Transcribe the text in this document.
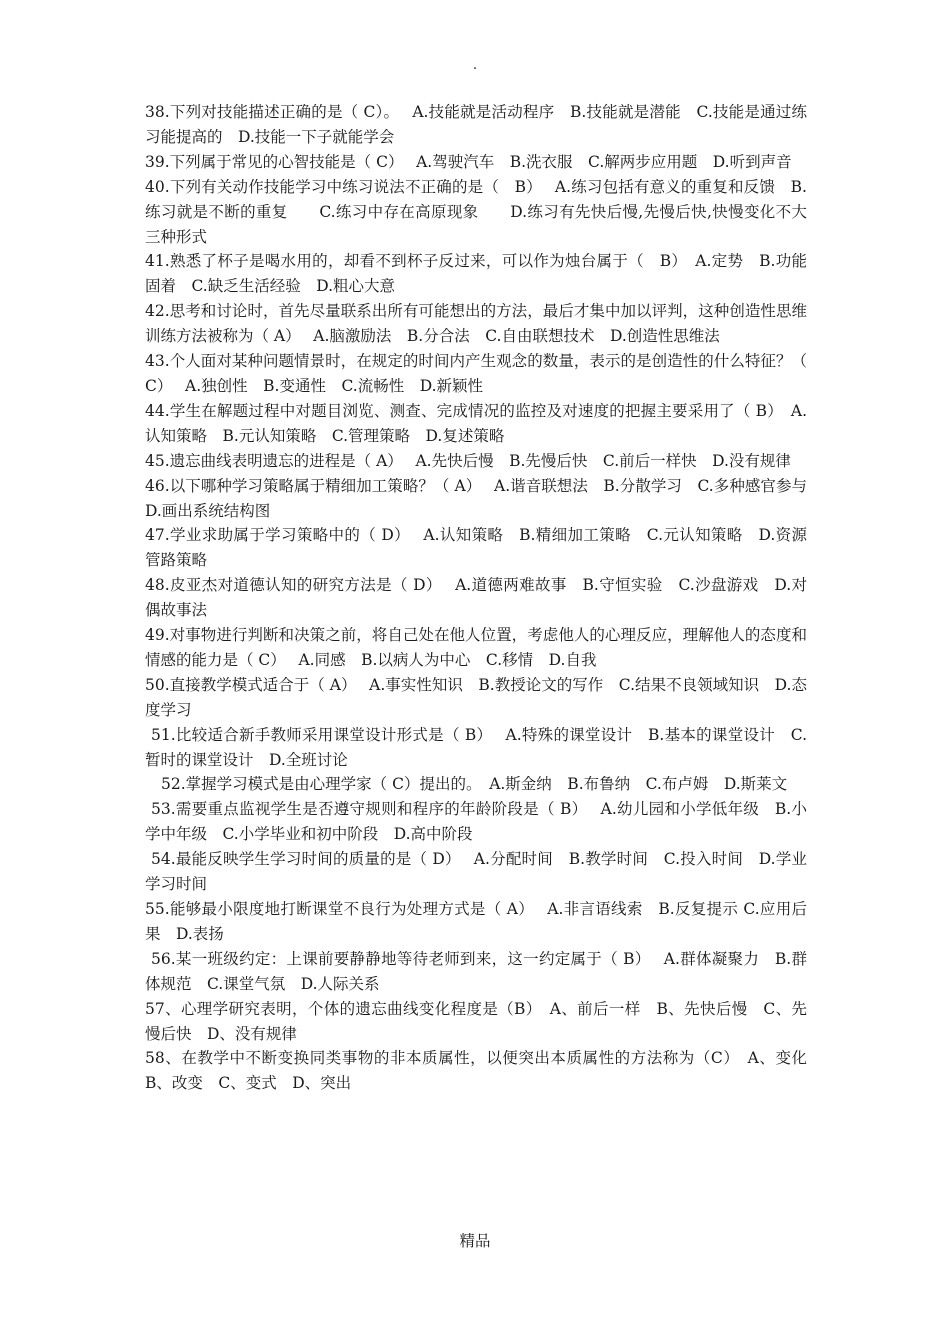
.

38.下列对技能描述正确的是（ C）。　 A.技能就是活动程序　B.技能就是潜能　C.技能是通过练习能提高的　D.技能一下子就能学会

39.下列属于常见的心智技能是（ C）　 A.驾驶汽车　B.洗衣服　C.解两步应用题　D.听到声音

40.下列有关动作技能学习中练习说法不正确的是（　B）　 A.练习包括有意义的重复和反馈　B.练习就是不断的重复　　C.练习中存在高原现象　　D.练习有先快后慢,先慢后快,快慢变化不大三种形式

41.熟悉了杯子是喝水用的，却看不到杯子反过来，可以作为烛台属于（　B）　A.定势　B.功能固着　C.缺乏生活经验　D.粗心大意

42.思考和讨论时，首先尽量联系出所有可能想出的方法，最后才集中加以评判，这种创造性思维训练方法被称为（ A）　 A.脑激励法　B.分合法　C.自由联想技术　D.创造性思维法

43.个人面对某种问题情景时，在规定的时间内产生观念的数量，表示的是创造性的什么特征？（ C）　 A.独创性　B.变通性　C.流畅性　D.新颖性

44.学生在解题过程中对题目浏览、测查、完成情况的监控及对速度的把握主要采用了（ B）　A.认知策略　B.元认知策略　C.管理策略　D.复述策略

45.遗忘曲线表明遗忘的进程是（ A）　 A.先快后慢　B.先慢后快　C.前后一样快　D.没有规律

46.以下哪种学习策略属于精细加工策略？（ A）　 A.谐音联想法　B.分散学习　C.多种感官参与　D.画出系统结构图

47.学业求助属于学习策略中的（ D）　 A.认知策略　B.精细加工策略　C.元认知策略　D.资源管路策略

48.皮亚杰对道德认知的研究方法是（ D）　 A.道德两难故事　B.守恒实验　C.沙盘游戏　D.对偶故事法

49.对事物进行判断和决策之前，将自己处在他人位置，考虑他人的心理反应，理解他人的态度和情感的能力是（ C）　 A.同感　B.以病人为中心　C.移情　D.自我

50.直接教学模式适合于（ A）　 A.事实性知识　B.教授论文的写作　C.结果不良领域知识　D.态度学习

51.比较适合新手教师采用课堂设计形式是（ B）　 A.特殊的课堂设计　B.基本的课堂设计　C.暂时的课堂设计　D.全班讨论

52.掌握学习模式是由心理学家（ C）提出的。　A.斯金纳　B.布鲁纳　C.布卢姆　D.斯莱文

53.需要重点监视学生是否遵守规则和程序的年龄阶段是（ B）　 A.幼儿园和小学低年级　B.小学中年级　C.小学毕业和初中阶段　D.高中阶段

54.最能反映学生学习时间的质量的是（ D）　 A.分配时间　B.教学时间　C.投入时间　D.学业学习时间

55.能够最小限度地打断课堂不良行为处理方式是（ A）　 A.非言语线索　B.反复提示 C.应用后果　D.表扬

56.某一班级约定：上课前要静静地等待老师到来，这一约定属于（ B）　 A.群体凝聚力　B.群体规范　C.课堂气氛　D.人际关系

57、心理学研究表明，个体的遗忘曲线变化程度是（B）　A、前后一样　B、先快后慢　C、先慢后快　D、没有规律

58、在教学中不断变换同类事物的非本质属性，以便突出本质属性的方法称为（C）　A、变化　B、改变　C、变式　D、突出

精品
